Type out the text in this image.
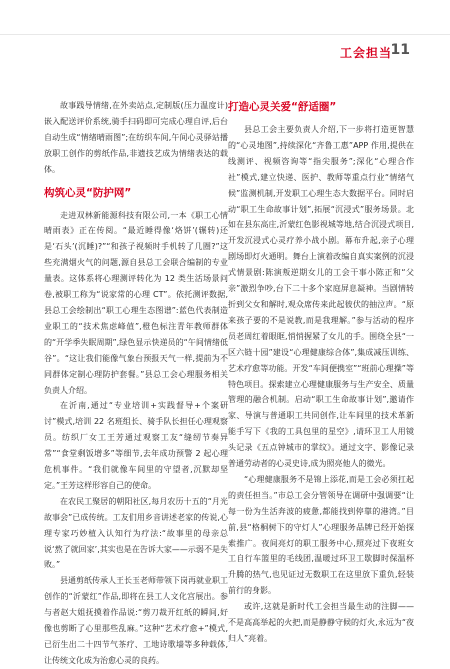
工会担当
11

故事践导情绪,在外卖站点,定制版(压力温度计)嵌入配送评价系统,骑手扫码即可完成心理自评,后台自动生成“情绪晴雨图”;在纺织车间,午间心灵驿站播放职工创作的剪纸作品,非遗技艺成为情绪表达的载体。

构筑心灵“防护网”

走进双林新能源科技有限公司,一本《职工心情晴雨表》正在传阅。“最近睡得像‘烙饼’(辗转)还是‘石头’(沉睡)?”“和孩子视频时手机转了几圈?”这些充满烟火气的问题,源自县总工会联合编制的专业量表。这体系将心理测评转化为 12 类生活场景问卷,被职工称为“说家常的心理 CT”。依托测评数据,县总工会绘制出“职工心理生态图谱”:蓝色代表制造业职工的“技术焦虑峰值”,橙色标注青年教师群体的“开学季失眠周期”,绿色显示快递员的“午间情绪低谷”。“这让我们能像气象台预报天气一样,提前为不同群体定制心理防护套餐。”县总工会心理服务相关负责人介绍。

在沂南,通过“专业培训+实践督导+个案研讨”模式,培训 22 名班组长、骑手队长担任心理观察员。纺织厂女工王芳通过观察工友“缝纫节奏异常”“食堂剩饭增多”等细节,去年成功预警 2 起心理危机事件。“我们就像车间里的守望者,沉默却坚定。”王芳这样形容自己的使命。

在农民工聚居的朝阳社区,每月农历十五的“月光故事会”已成传统。工友们用乡音讲述老家的传说,心理专家巧妙植入认知行为疗法:“故事里的母亲总说‘熬了就回家’,其实也是在告诉大家——示弱不是失败。”

县通剪纸传承人王长玉老师带领下岗再就业职工创作的“沂蒙红”作品,即将在县工人文化宫展出。参与者赵大姐抚摸着作品说:“剪刀裁开红纸的瞬间,好像也剪断了心里那些乱麻。”这种“艺术疗愈+”模式,已衍生出二十四节气茶疗、工地诗歌墙等多种载体,让传统文化成为治愈心灵的良药。

打造心灵关爱“舒适圈”

县总工会主要负责人介绍,下一步将打造更智慧的“心灵地图”,持续深化“齐鲁工惠”APP 作用,提供在线测评、视频咨询等“指尖服务”;深化“心理合作社”模式,建立快递、医护、教师等重点行业“情绪气候”监测机制,开发职工心理生态大数据平台。同时启动“职工生命故事计划”,拓展“沉浸式”服务场景。北如在县东高庄,沂蒙红色影视城等地,结合沉浸式项目,开发沉浸式心灵疗养小战小剧。幕布升起,亲子心理剧场即灯火通明。舞台上演着改编自真实案例的沉浸式情景剧:陈演叛逆期女儿的工会干事小陈正和“父亲”激烈争吵,台下二十多个家庭屏息凝神。当剧情转折到父女和解时,观众席传来此起彼伏的抽泣声。“原来孩子要的不是说教,而是我理解。”参与活动的程序员老周红着眼眶,悄悄握紧了女儿的手。围绕全县“一区六链十园”建设“心理健康综合体”,集成减压训练、艺术疗愈等功能。开发“车间便携室”“班前心理操”等特色项目。探索建立心理健康服务与生产安全、质量管理的融合机制。启动“职工生命故事计划”,邀请作家、导演与普通职工共同创作,让车间里的技术革新能手写下《我的工具包里的星空》,请环卫工人用镜头记录《五点钟城市的掌纹》。通过文字、影像记录普通劳动者的心灵史诗,成为照亮他人的微光。

“心理健康服务不是锦上添花,而是工会必须扛起的责任担当。”市总工会分管领导在调研中强调要“让每一份为生活奔波的疲惫,都能找到停靠的港湾。”目前,县“格桐树下的守灯人”心理服务品牌已经开始探索推广。夜间亮灯的职工服务中心,照亮过下夜班女工自行车篮里的毛线团,温暖过环卫工歇脚时保温杯升腾的热气,也见证过无数职工在这里放下重负,轻装前行的身影。

或许,这就是新时代工会担当最生动的注脚——不是高高举起的火把,而是静静守候的灯火,永远为“夜归人”亮着。
